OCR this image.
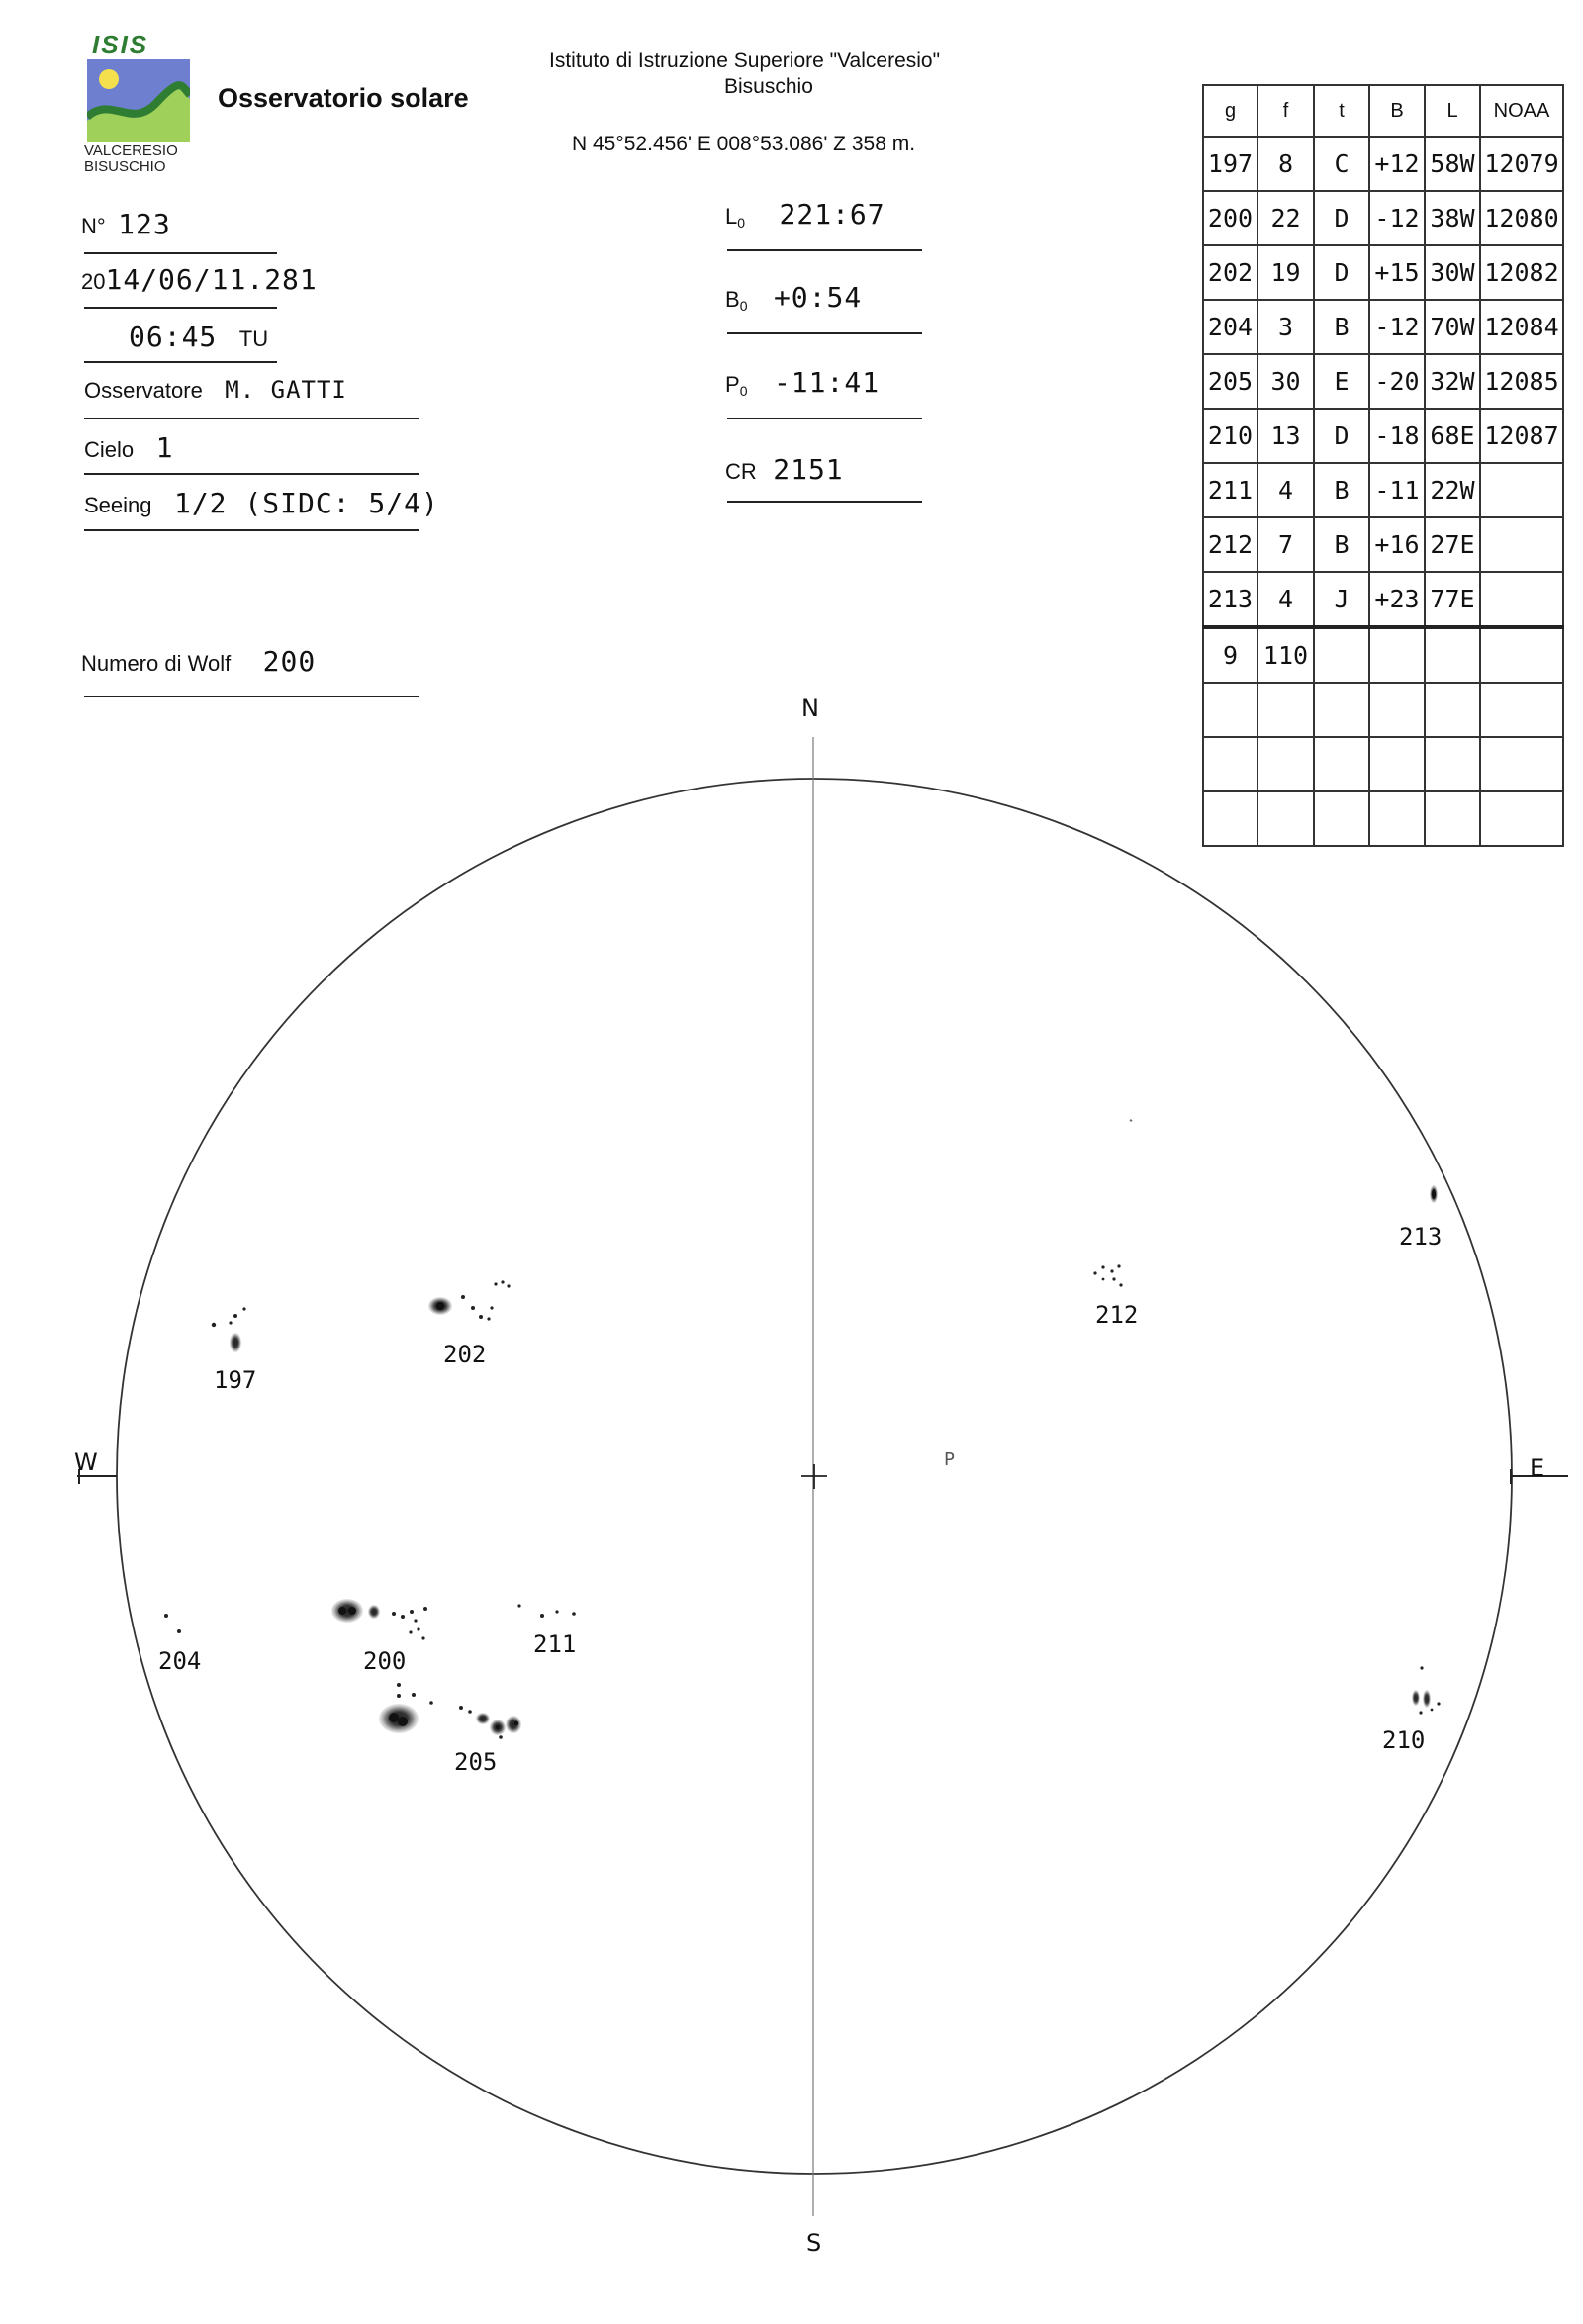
ISIS
VALCERESIO
BISUSCHIO
Osservatorio solare
Istituto di Istruzione Superiore "Valceresio"
Bisuschio
N 45°52.456' E 008°53.086' Z 358 m.
N° 123
2014/06/11.281
06:45 TU
Osservatore M. GATTI
Cielo 1
Seeing 1/2 (SIDC: 5/4)
Numero di Wolf 200
$L_0$ 221:67
$B_0$ +0:54
$P_0$ -11:41
CR 2151
g	f	t	B	L	NOAA
197	8	C	+12	58W	12079
200	22	D	-12	38W	12080
202	19	D	+15	30W	12082
204	3	B	-12	70W	12084
205	30	E	-20	32W	12085
210	13	D	-18	68E	12087
211	4	B	-11	22W	
212	7	B	+16	27E	
213	4	J	+23	77E	
9	110				

N
S
W	E
P
197
202
212
213
204	200
211
205
210
